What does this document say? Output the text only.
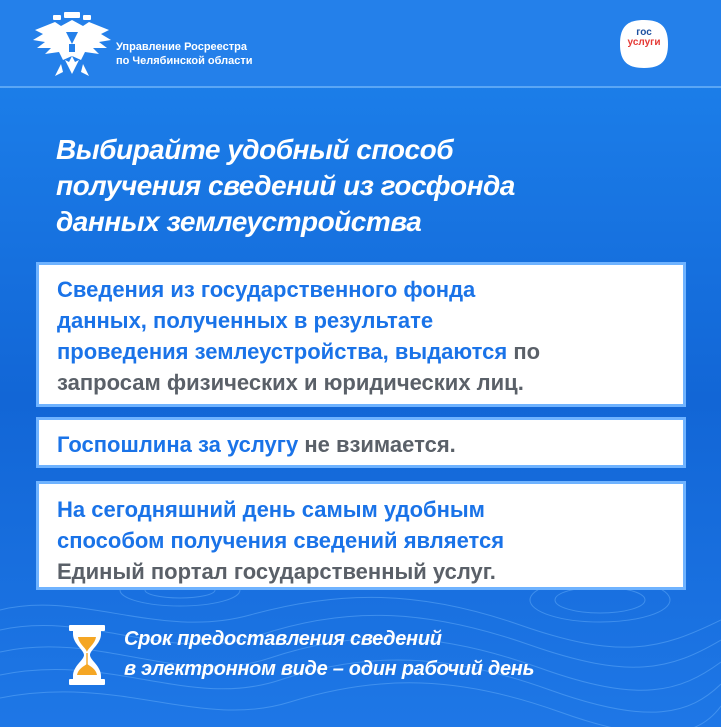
Управление Росреестра
по Челябинской области
гос
услуги
Выбирайте удобный способ
получения сведений из госфонда
данных землеустройства
Сведения из государственного фонда
данных, полученных в результате
проведения землеустройства, выдаются по
запросам физических и юридических лиц.
Госпошлина за услугу не взимается.
На сегодняшний день самым удобным
способом получения сведений является
Единый портал государственный услуг.
Срок предоставления сведений
в электронном виде – один рабочий день
